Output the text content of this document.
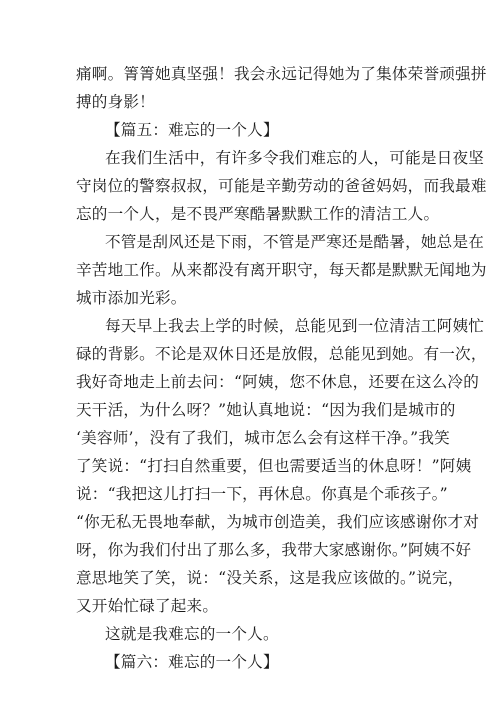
痛啊。箐箐她真坚强！我会永远记得她为了集体荣誉顽强拼
搏的身影！
【篇五：难忘的一个人】
在我们生活中，有许多令我们难忘的人，可能是日夜坚
守岗位的警察叔叔，可能是辛勤劳动的爸爸妈妈，而我最难
忘的一个人，是不畏严寒酷暑默默工作的清洁工人。
不管是刮风还是下雨，不管是严寒还是酷暑，她总是在
辛苦地工作。从来都没有离开职守，每天都是默默无闻地为
城市添加光彩。
每天早上我去上学的时候，总能见到一位清洁工阿姨忙
碌的背影。不论是双休日还是放假，总能见到她。有一次，
我好奇地走上前去问：“阿姨，您不休息，还要在这么冷的
天干活，为什么呀？”她认真地说：“因为我们是城市的
‘美容师’，没有了我们，城市怎么会有这样干净。”我笑
了笑说：“打扫自然重要，但也需要适当的休息呀！”阿姨
说：“我把这儿打扫一下，再休息。你真是个乖孩子。”
“你无私无畏地奉献，为城市创造美，我们应该感谢你才对
呀，你为我们付出了那么多，我带大家感谢你。”阿姨不好
意思地笑了笑，说：“没关系，这是我应该做的。”说完，
又开始忙碌了起来。
这就是我难忘的一个人。
【篇六：难忘的一个人】
